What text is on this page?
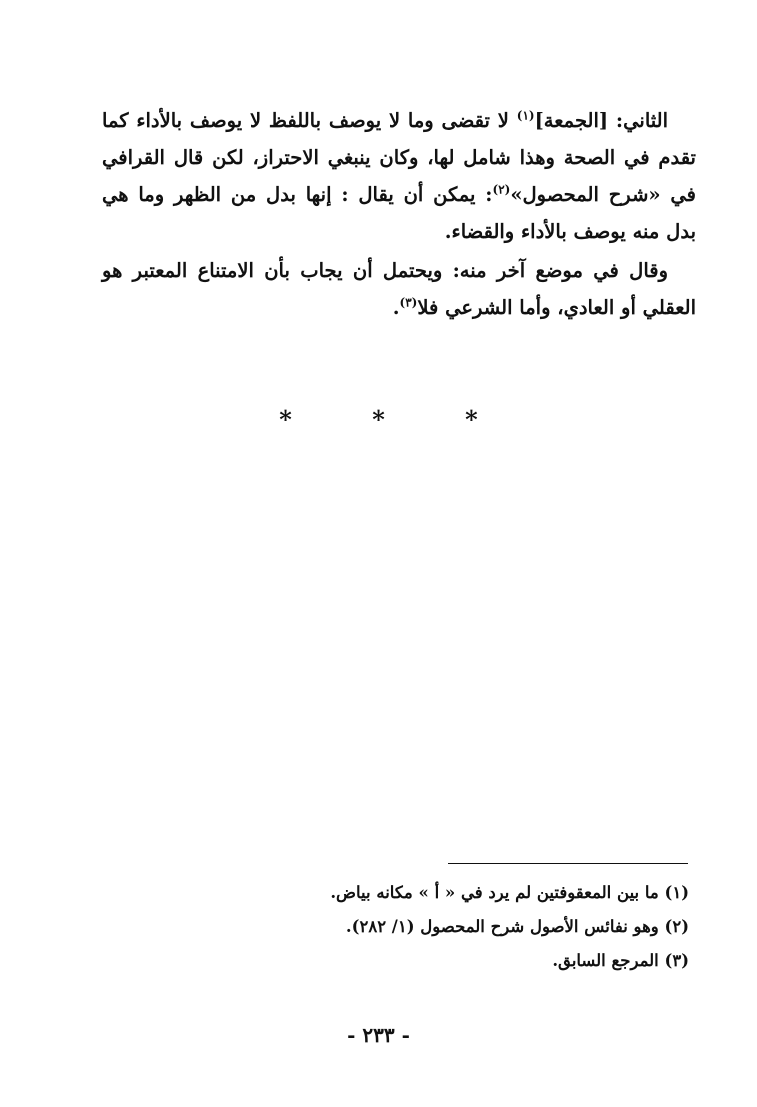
الثاني: [الجمعة]$^{(١)}$ لا تقضى وما لا يوصف باللفظ لا يوصف بالأداء كما تقدم في الصحة وهذا شامل لها، وكان ينبغي الاحتراز، لكن قال القرافي في «شرح المحصول»$^{(٢)}$: يمكن أن يقال : إنها بدل من الظهر وما هي بدل منه يوصف بالأداء والقضاء.

وقال في موضع آخر منه: ويحتمل أن يجاب بأن الامتناع المعتبر هو العقلي أو العادي، وأما الشرعي فلا$^{(٣)}$.

* * *
(١) ما بين المعقوفتين لم يرد في « أ » مكانه بياض.
(٢) وهو نفائس الأصول شرح المحصول (١/ ٢٨٢).
(٣) المرجع السابق.
- ٢٣٣ -
